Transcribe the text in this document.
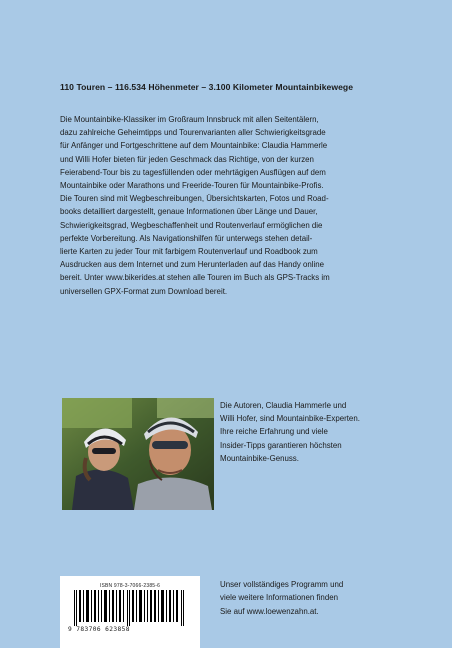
110 Touren – 116.534 Höhenmeter – 3.100 Kilometer Mountainbikewege

Die Mountainbike-Klassiker im Großraum Innsbruck mit allen Seitentälern,

dazu zahlreiche Geheimtipps und Tourenvarianten aller Schwierigkeitsgrade

für Anfänger und Fortgeschrittene auf dem Mountainbike: Claudia Hammerle

und Willi Hofer bieten für jeden Geschmack das Richtige, von der kurzen

Feierabend-Tour bis zu tagesfüllenden oder mehrtägigen Ausflügen auf dem

Mountainbike oder Marathons und Freeride-Touren für Mountainbike-Profis.

Die Touren sind mit Wegbeschreibungen, Übersichtskarten, Fotos und Road-

books detailliert dargestellt, genaue Informationen über Länge und Dauer,

Schwierigkeitsgrad, Wegbeschaffenheit und Routenverlauf ermöglichen die

perfekte Vorbereitung. Als Navigationshilfen für unterwegs stehen detail-

lierte Karten zu jeder Tour mit farbigem Routenverlauf und Roadbook zum

Ausdrucken aus dem Internet und zum Herunterladen auf das Handy online

bereit. Unter www.bikerides.at stehen alle Touren im Buch als GPS-Tracks im

universellen GPX-Format zum Download bereit.

Die Autoren, Claudia Hammerle und
Willi Hofer, sind Mountainbike-Experten.
Ihre reiche Erfahrung und viele
Insider-Tipps garantieren höchsten
Mountainbike-Genuss.
ISBN 978-3-7066-2385-6
9 783706 623858

Unser vollständiges Programm und

viele weitere Informationen finden

Sie auf www.loewenzahn.at.
